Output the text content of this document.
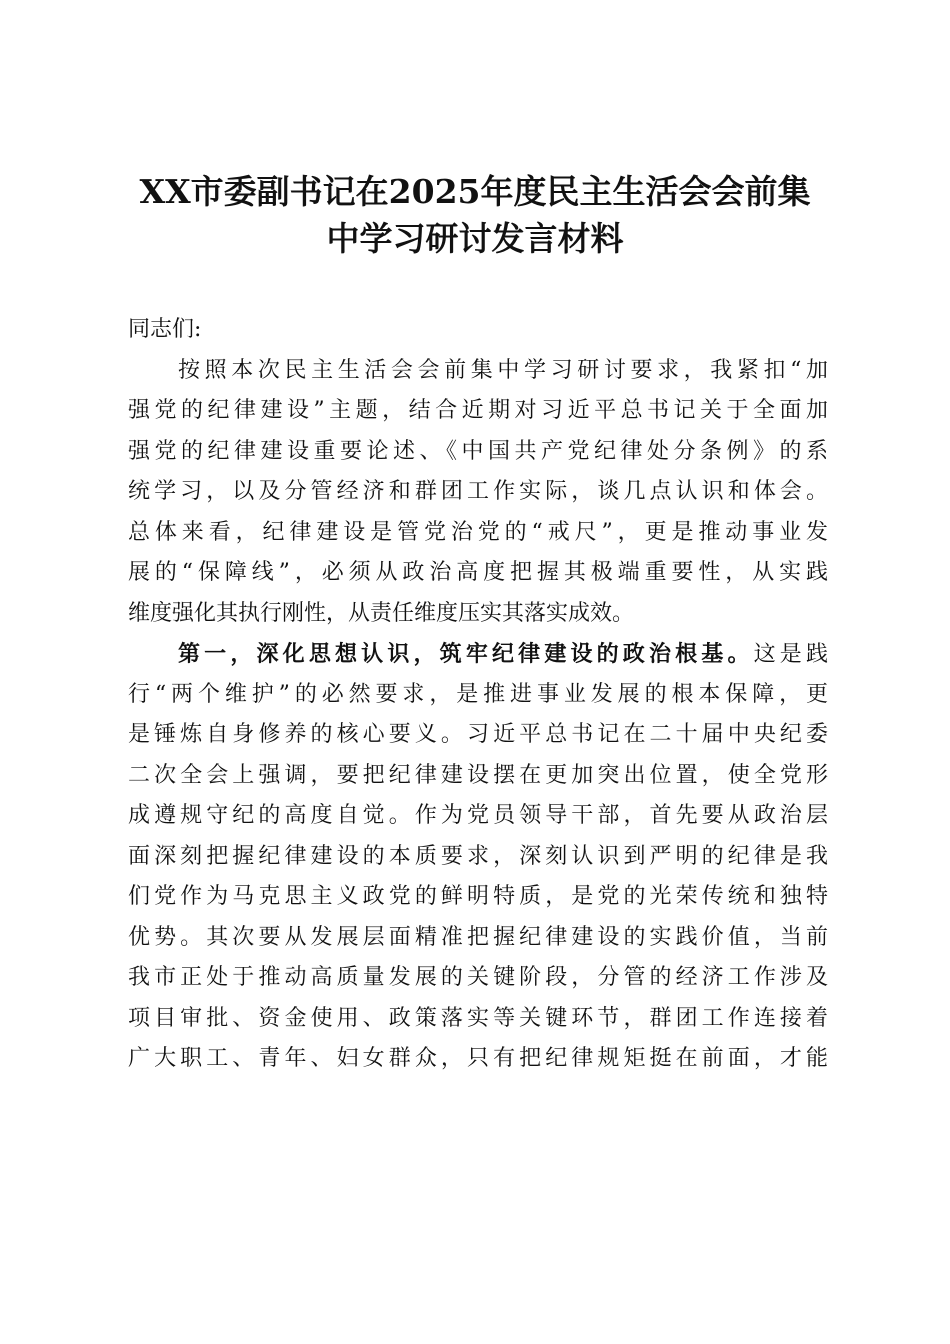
XX市委副书记在2025年度民主生活会会前集
中学习研讨发言材料
同志们:
按照本次民主生活会会前集中学习研讨要求，我紧扣“加
强党的纪律建设”主题，结合近期对习近平总书记关于全面加
强党的纪律建设重要论述、《中国共产党纪律处分条例》的系
统学习，以及分管经济和群团工作实际，谈几点认识和体会。
总体来看，纪律建设是管党治党的“戒尺”，更是推动事业发
展的“保障线”，必须从政治高度把握其极端重要性，从实践
维度强化其执行刚性，从责任维度压实其落实成效。
第一，深化思想认识，筑牢纪律建设的政治根基。这是践
行“两个维护”的必然要求，是推进事业发展的根本保障，更
是锤炼自身修养的核心要义。习近平总书记在二十届中央纪委
二次全会上强调，要把纪律建设摆在更加突出位置，使全党形
成遵规守纪的高度自觉。作为党员领导干部，首先要从政治层
面深刻把握纪律建设的本质要求，深刻认识到严明的纪律是我
们党作为马克思主义政党的鲜明特质，是党的光荣传统和独特
优势。其次要从发展层面精准把握纪律建设的实践价值，当前
我市正处于推动高质量发展的关键阶段，分管的经济工作涉及
项目审批、资金使用、政策落实等关键环节，群团工作连接着
广大职工、青年、妇女群众，只有把纪律规矩挺在前面，才能
